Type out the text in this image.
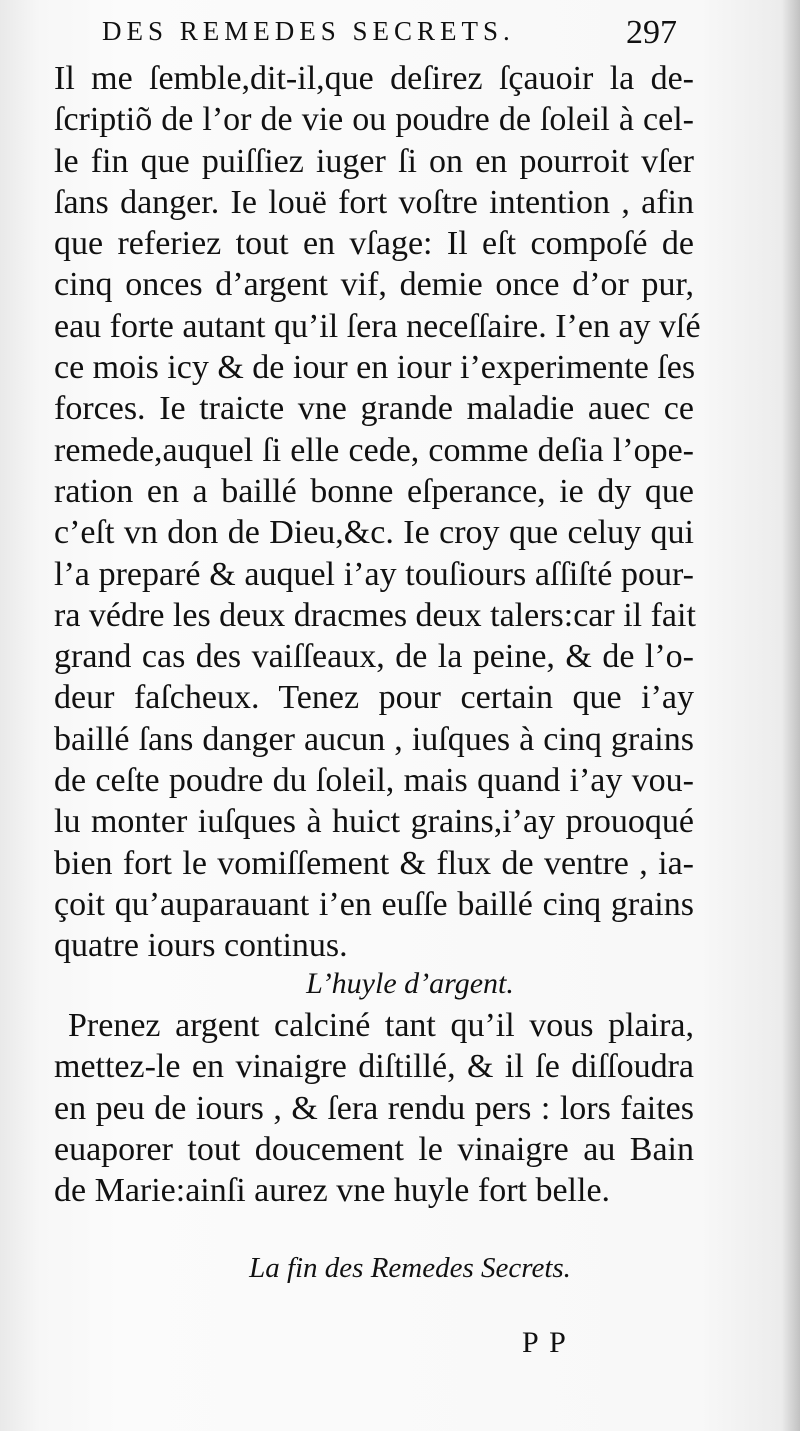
DES REMEDES SECRETS.	297
Il me ſemble,dit-il,que deſirez ſçauoir la de-
ſcriptiõ de l’or de vie ou poudre de ſoleil à cel-
le fin que puiſſiez iuger ſi on en pourroit vſer
ſans danger. Ie louë fort voſtre intention , afin
que referiez tout en vſage: Il eſt compoſé de
cinq onces d’argent vif, demie once d’or pur,
eau forte autant qu’il ſera neceſſaire. I’en ay vſé
ce mois icy & de iour en iour i’experimente ſes
forces. Ie traicte vne grande maladie auec ce
remede,auquel ſi elle cede, comme deſia l’ope-
ration en a baillé bonne eſperance, ie dy que
c’eſt vn don de Dieu,&c. Ie croy que celuy qui
l’a preparé & auquel i’ay touſiours aſſiſté pour-
ra védre les deux dracmes deux talers:car il fait
grand cas des vaiſſeaux, de la peine, & de l’o-
deur faſcheux. Tenez pour certain que i’ay
baillé ſans danger aucun , iuſques à cinq grains
de ceſte poudre du ſoleil, mais quand i’ay vou-
lu monter iuſques à huict grains,i’ay prouoqué
bien fort le vomiſſement & flux de ventre , ia-
çoit qu’auparauant i’en euſſe baillé cinq grains
quatre iours continus.
L’huyle d’argent.
Prenez argent calciné tant qu’il vous plaira,
mettez-le en vinaigre diſtillé, & il ſe diſſoudra
en peu de iours , & ſera rendu pers : lors faites
euaporer tout doucement le vinaigre au Bain
de Marie:ainſi aurez vne huyle fort belle.
La fin des Remedes Secrets.
P P
